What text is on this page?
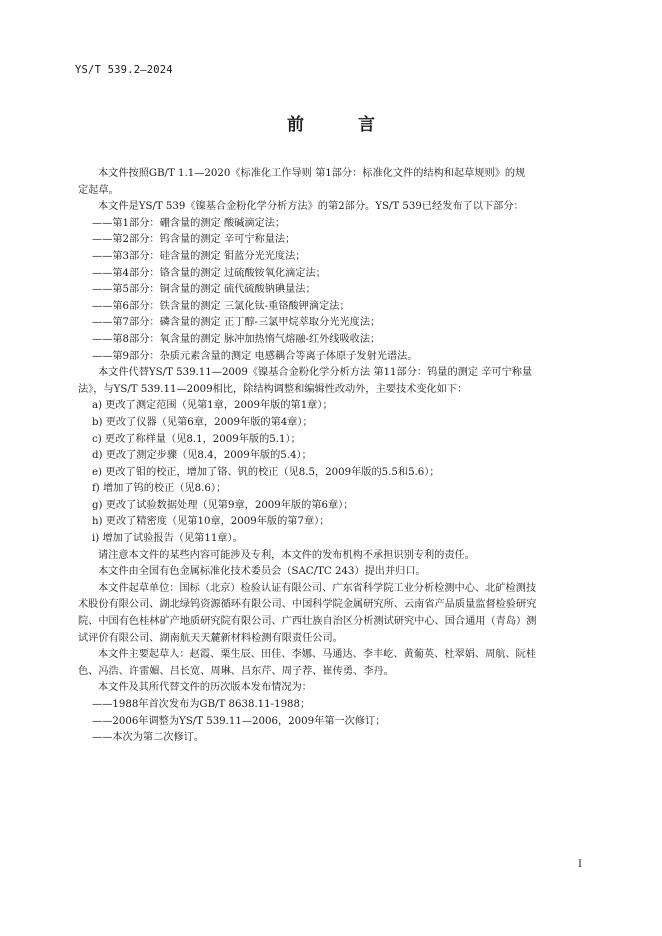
YS/T 539.2—2024
前 言
本文件按照GB/T 1.1—2020《标准化工作导则 第1部分：标准化文件的结构和起草规则》的规
定起草。
本文件是YS/T 539《镍基合金粉化学分析方法》的第2部分。YS/T 539已经发布了以下部分：
——第1部分：硼含量的测定 酸碱滴定法；
——第2部分：钨含量的测定 辛可宁称量法；
——第3部分：硅含量的测定 钼蓝分光光度法；
——第4部分：铬含量的测定 过硫酸铵氧化滴定法；
——第5部分：铜含量的测定 硫代硫酸钠碘量法；
——第6部分：铁含量的测定 三氯化钛-重铬酸钾滴定法；
——第7部分：磷含量的测定 正丁醇-三氯甲烷萃取分光光度法；
——第8部分：氧含量的测定 脉冲加热惰气熔融-红外线吸收法；
——第9部分：杂质元素含量的测定 电感耦合等离子体原子发射光谱法。
本文件代替YS/T 539.11—2009《镍基合金粉化学分析方法 第11部分：钨量的测定 辛可宁称量
法》，与YS/T 539.11—2009相比，除结构调整和编辑性改动外，主要技术变化如下：
a) 更改了测定范围（见第1章，2009年版的第1章）；
b) 更改了仪器（见第6章，2009年版的第4章）；
c) 更改了称样量（见8.1，2009年版的5.1）；
d) 更改了测定步骤（见8.4，2009年版的5.4）；
e) 更改了钼的校正，增加了铬、钒的校正（见8.5，2009年版的5.5和5.6）；
f) 增加了钨的校正（见8.6）；
g) 更改了试验数据处理（见第9章，2009年版的第6章）；
h) 更改了精密度（见第10章，2009年版的第7章）；
i) 增加了试验报告（见第11章）。
请注意本文件的某些内容可能涉及专利，本文件的发布机构不承担识别专利的责任。
本文件由全国有色金属标准化技术委员会（SAC/TC 243）提出并归口。
本文件起草单位：国标（北京）检验认证有限公司、广东省科学院工业分析检测中心、北矿检测技
术股份有限公司、湖北绿钨资源循环有限公司、中国科学院金属研究所、云南省产品质量监督检验研究
院、中国有色桂林矿产地质研究院有限公司、广西壮族自治区分析测试研究中心、国合通用（青岛）测
试评价有限公司、湖南航天天麓新材料检测有限责任公司。
本文件主要起草人：赵霞、栗生辰、田佳、李娜、马通达、李丰屹、黄葡英、杜翠娟、周航、阮桂
色、冯浩、许雷媚、吕长宽、周琳、吕东芹、周子荐、崔传勇、李丹。
本文件及其所代替文件的历次版本发布情况为：
——1988年首次发布为GB/T 8638.11-1988；
——2006年调整为YS/T 539.11—2006，2009年第一次修订；
——本次为第二次修订。
I
